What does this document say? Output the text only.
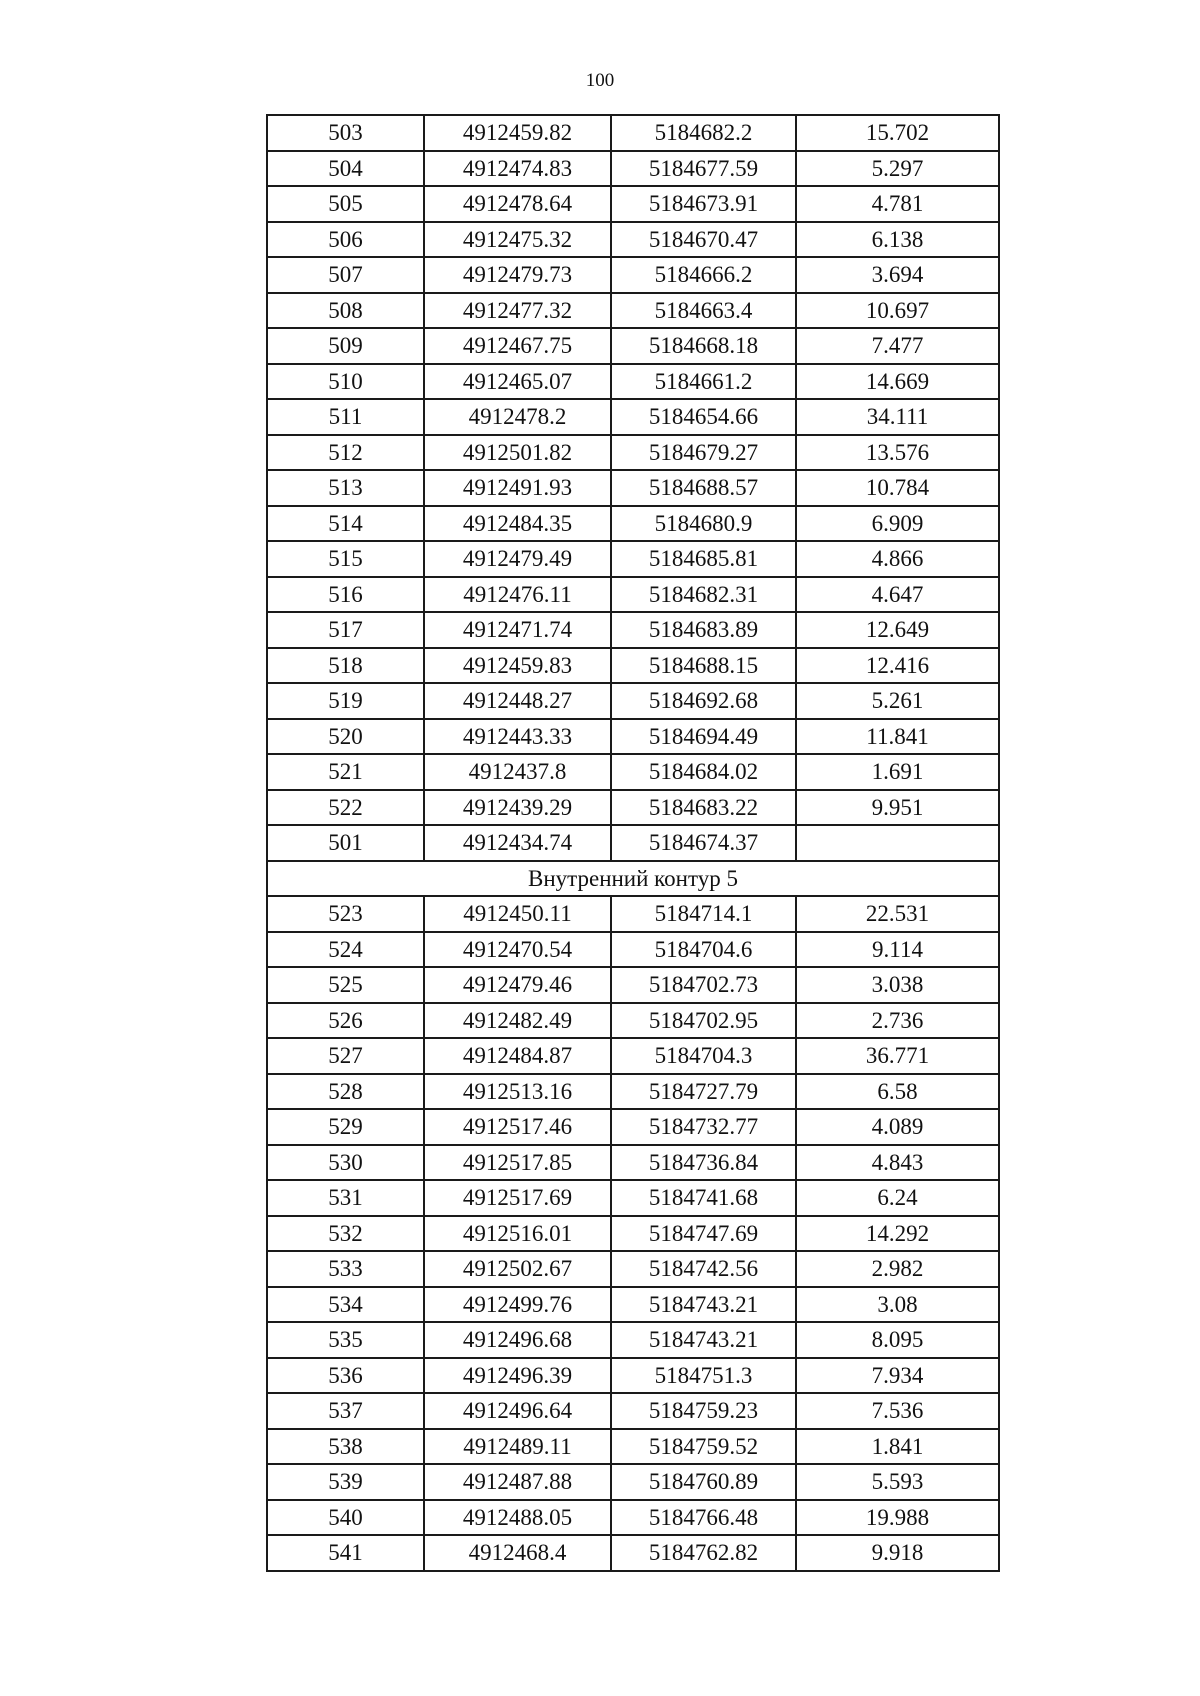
100
503	4912459.82	5184682.2	15.702
504	4912474.83	5184677.59	5.297
505	4912478.64	5184673.91	4.781
506	4912475.32	5184670.47	6.138
507	4912479.73	5184666.2	3.694
508	4912477.32	5184663.4	10.697
509	4912467.75	5184668.18	7.477
510	4912465.07	5184661.2	14.669
511	4912478.2	5184654.66	34.111
512	4912501.82	5184679.27	13.576
513	4912491.93	5184688.57	10.784
514	4912484.35	5184680.9	6.909
515	4912479.49	5184685.81	4.866
516	4912476.11	5184682.31	4.647
517	4912471.74	5184683.89	12.649
518	4912459.83	5184688.15	12.416
519	4912448.27	5184692.68	5.261
520	4912443.33	5184694.49	11.841
521	4912437.8	5184684.02	1.691
522	4912439.29	5184683.22	9.951
501	4912434.74	5184674.37	
Внутренний контур 5			
523	4912450.11	5184714.1	22.531
524	4912470.54	5184704.6	9.114
525	4912479.46	5184702.73	3.038
526	4912482.49	5184702.95	2.736
527	4912484.87	5184704.3	36.771
528	4912513.16	5184727.79	6.58
529	4912517.46	5184732.77	4.089
530	4912517.85	5184736.84	4.843
531	4912517.69	5184741.68	6.24
532	4912516.01	5184747.69	14.292
533	4912502.67	5184742.56	2.982
534	4912499.76	5184743.21	3.08
535	4912496.68	5184743.21	8.095
536	4912496.39	5184751.3	7.934
537	4912496.64	5184759.23	7.536
538	4912489.11	5184759.52	1.841
539	4912487.88	5184760.89	5.593
540	4912488.05	5184766.48	19.988
541	4912468.4	5184762.82	9.918
